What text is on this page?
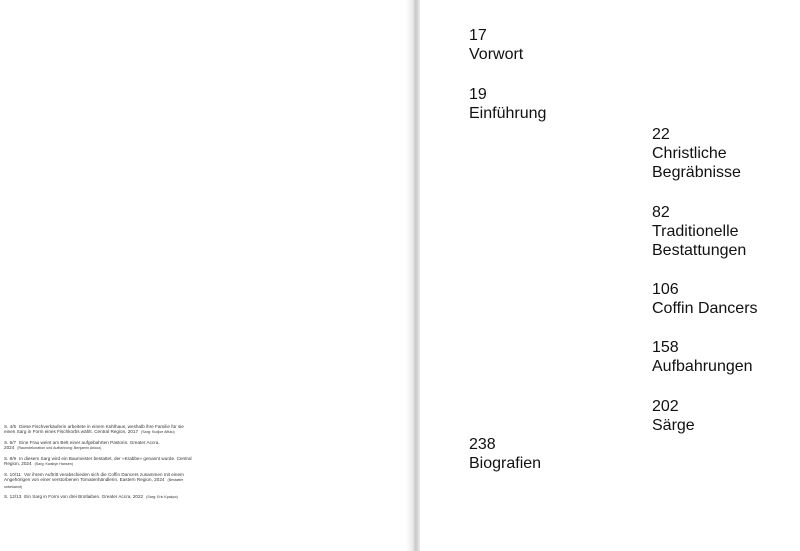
S. 4/5 Diese Fischverkäuferin arbeitete in einem Kühlhaus, weshalb ihre Familie für sie einen Sarg in Form eines Fischkorbs wählt. Central Region, 2017 (Sarg: Kudjoe Affutu)
S. 6/7 Eine Frau weint am Bett einer aufgebahrten Pastorin. Greater Accra, 2024 (Raumdekoration und Aufbahrung: Benjamin Ankoo)
S. 8/9 In diesem Sarg wird ein Baumeister bestattet, der »Krabbe« genannt wurde. Central Region, 2024 (Sarg: Kwakye Hansen)
S. 10/11 Vor ihrem Auftritt verabschieden sich die Coffin Dancers zusammen mit einem Angehörigen von einer verstorbenen Tomatenhändlerin. Eastern Region, 2024 (Bestatter unbekannt)
S. 12/13 Ein Sarg in Form von drei Brotlaiben. Greater Accra, 2022 (Sarg: Eric Kpakpo)
17
Vorwort
19
Einführung
22
Christliche
Begräbnisse
82
Traditionelle
Bestattungen
106
Coffin Dancers
158
Aufbahrungen
202
Särge
238
Biografien
